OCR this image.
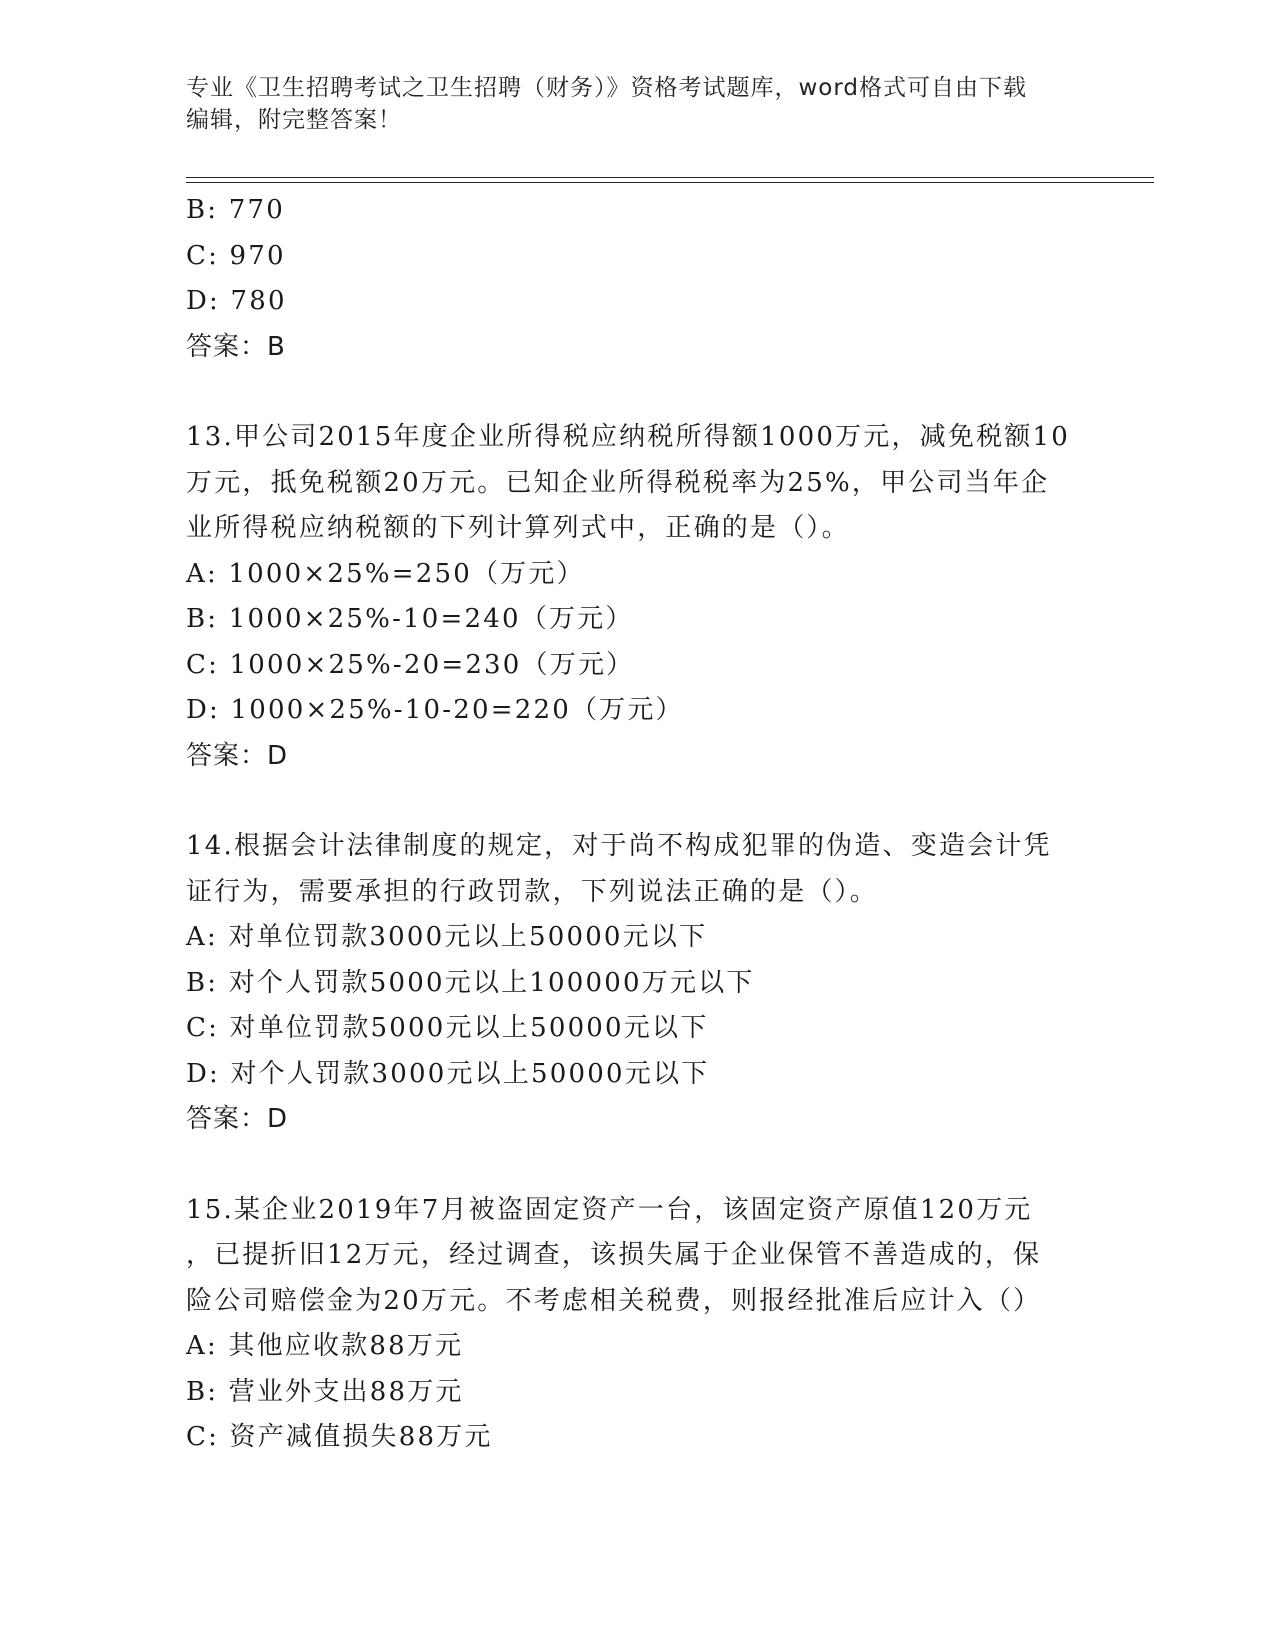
专业《卫生招聘考试之卫生招聘（财务）》资格考试题库，word格式可自由下载
编辑，附完整答案！
B: 770
C: 970
D: 780
答案：B
13.甲公司2015年度企业所得税应纳税所得额1000万元，减免税额10
万元，抵免税额20万元。已知企业所得税税率为25%，甲公司当年企
业所得税应纳税额的下列计算列式中，正确的是（）。
A: 1000×25%=250（万元）
B: 1000×25%-10=240（万元）
C: 1000×25%-20=230（万元）
D: 1000×25%-10-20=220（万元）
答案：D
14.根据会计法律制度的规定，对于尚不构成犯罪的伪造、变造会计凭
证行为，需要承担的行政罚款，下列说法正确的是（）。
A: 对单位罚款3000元以上50000元以下
B: 对个人罚款5000元以上100000万元以下
C: 对单位罚款5000元以上50000元以下
D: 对个人罚款3000元以上50000元以下
答案：D
15.某企业2019年7月被盗固定资产一台，该固定资产原值120万元
，已提折旧12万元，经过调查，该损失属于企业保管不善造成的，保
险公司赔偿金为20万元。不考虑相关税费，则报经批准后应计入（）
A: 其他应收款88万元
B: 营业外支出88万元
C: 资产减值损失88万元
